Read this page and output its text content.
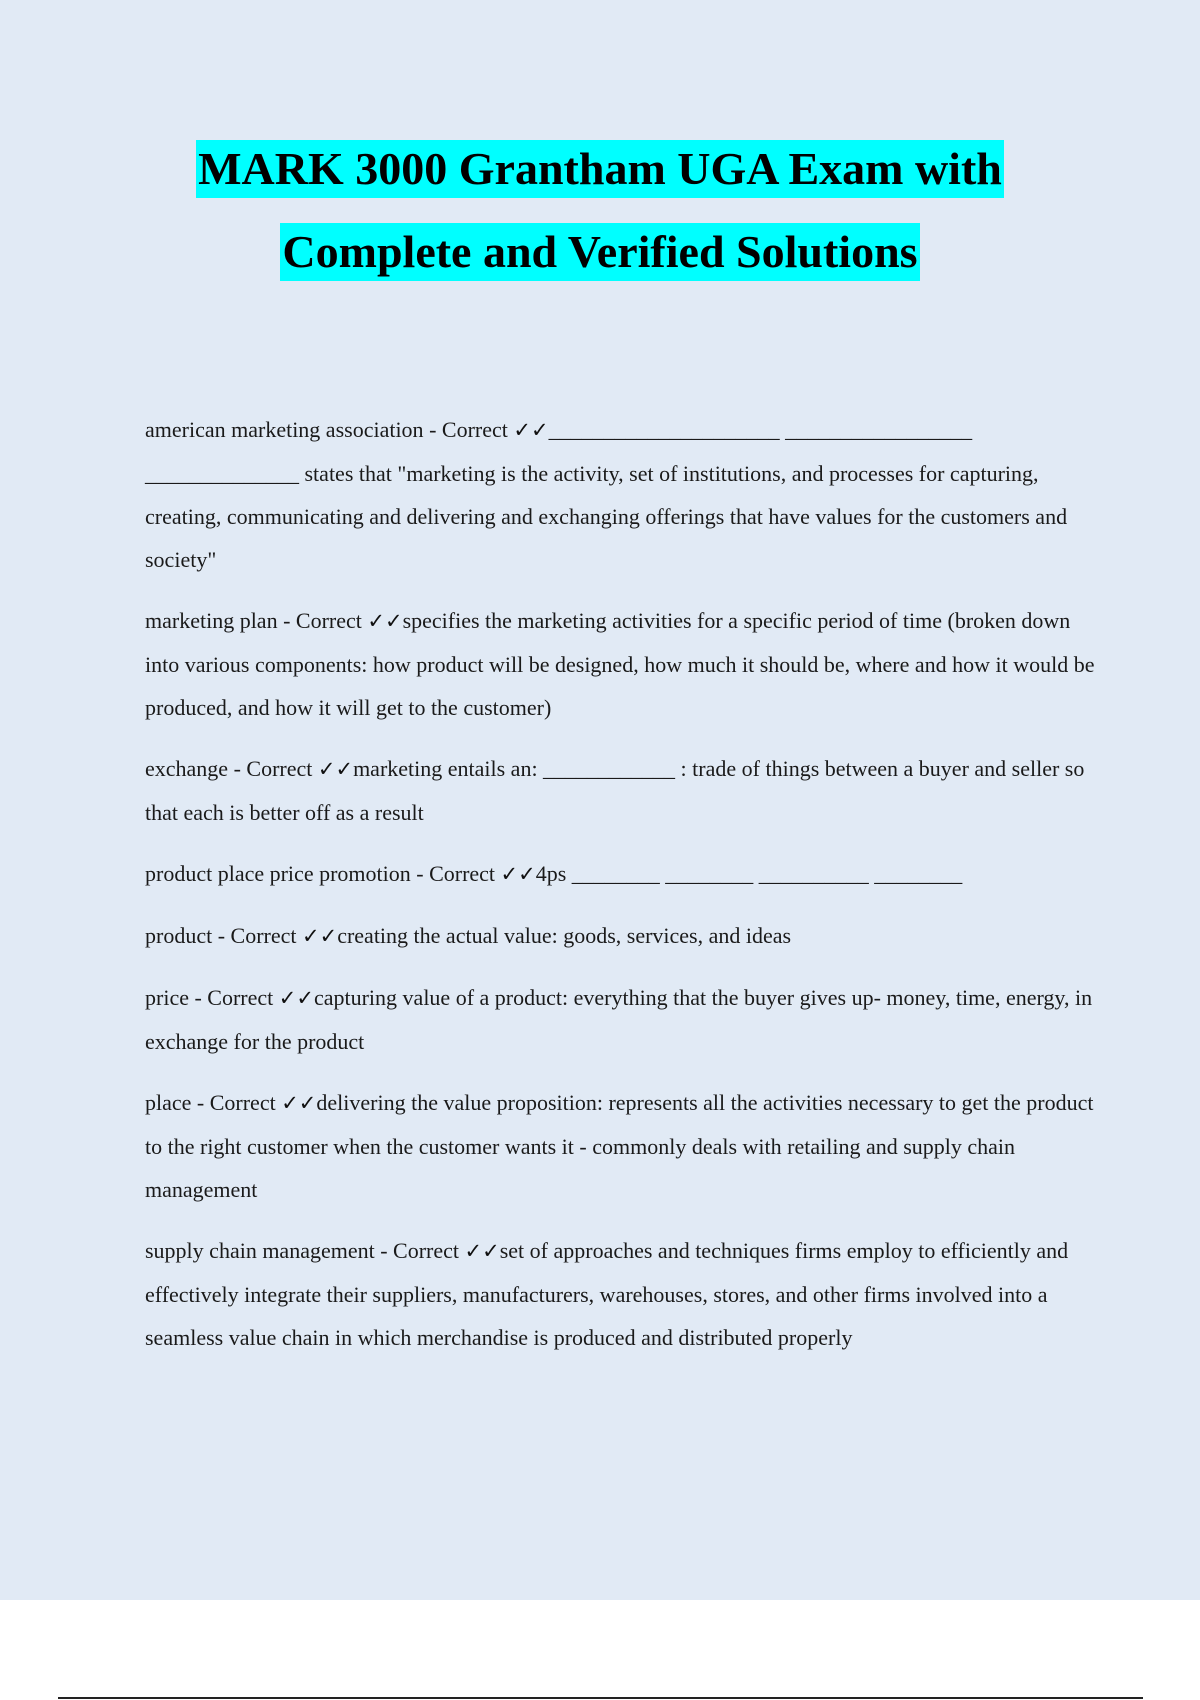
MARK 3000 Grantham UGA Exam with
Complete and Verified Solutions

american marketing association - Correct ✓✓_____________________ _________________ ______________ states that "marketing is the activity, set of institutions, and processes for capturing, creating, communicating and delivering and exchanging offerings that have values for the customers and society"

marketing plan - Correct ✓✓specifies the marketing activities for a specific period of time (broken down into various components: how product will be designed, how much it should be, where and how it would be produced, and how it will get to the customer)

exchange - Correct ✓✓marketing entails an: ____________ : trade of things between a buyer and seller so that each is better off as a result

product place price promotion - Correct ✓✓4ps ________ ________ __________ ________

product - Correct ✓✓creating the actual value: goods, services, and ideas

price - Correct ✓✓capturing value of a product: everything that the buyer gives up- money, time, energy, in exchange for the product

place - Correct ✓✓delivering the value proposition: represents all the activities necessary to get the product to the right customer when the customer wants it - commonly deals with retailing and supply chain management

supply chain management - Correct ✓✓set of approaches and techniques firms employ to efficiently and effectively integrate their suppliers, manufacturers, warehouses, stores, and other firms involved into a seamless value chain in which merchandise is produced and distributed properly
